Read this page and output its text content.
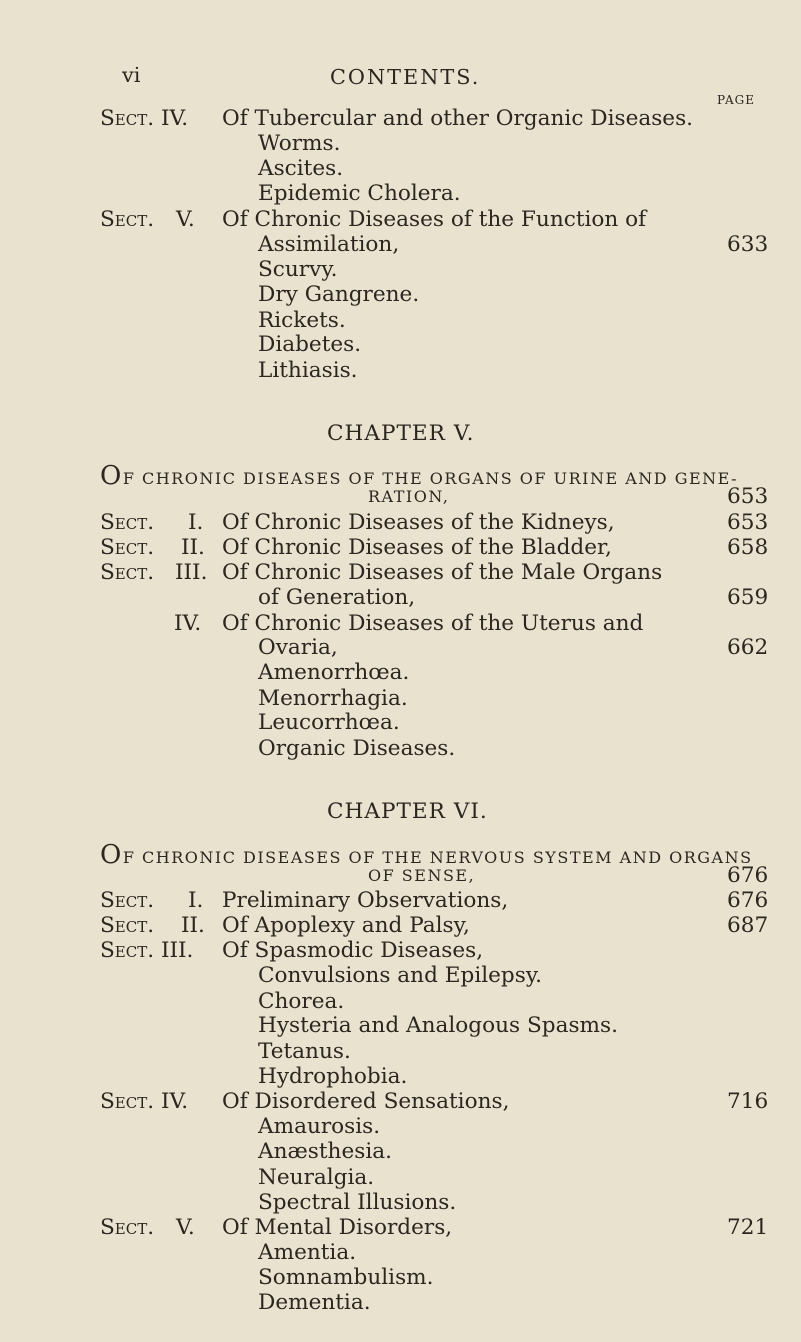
vi	CONTENTS.
PAGE
Sect. IV. Of Tubercular and other Organic Diseases.
Worms.
Ascites.
Epidemic Cholera.
Sect. V. Of Chronic Diseases of the Function of
Assimilation,	633
Scurvy.
Dry Gangrene.
Rickets.
Diabetes.
Lithiasis.
CHAPTER V.
OF CHRONIC DISEASES OF THE ORGANS OF URINE AND GENE-
RATION,	653
Sect. I. Of Chronic Diseases of the Kidneys,	653
Sect. II. Of Chronic Diseases of the Bladder,	658
Sect. III. Of Chronic Diseases of the Male Organs
of Generation,	659
IV. Of Chronic Diseases of the Uterus and
Ovaria,	662
Amenorrhœa.
Menorrhagia.
Leucorrhœa.
Organic Diseases.
CHAPTER VI.
OF CHRONIC DISEASES OF THE NERVOUS SYSTEM AND ORGANS
OF SENSE,	676
Sect. I. Preliminary Observations,	676
Sect. II. Of Apoplexy and Palsy,	687
Sect. III. Of Spasmodic Diseases,
Convulsions and Epilepsy.
Chorea.
Hysteria and Analogous Spasms.
Tetanus.
Hydrophobia.
Sect. IV. Of Disordered Sensations,	716
Amaurosis.
Anæsthesia.
Neuralgia.
Spectral Illusions.
Sect. V. Of Mental Disorders,	721
Amentia.
Somnambulism.
Dementia.
